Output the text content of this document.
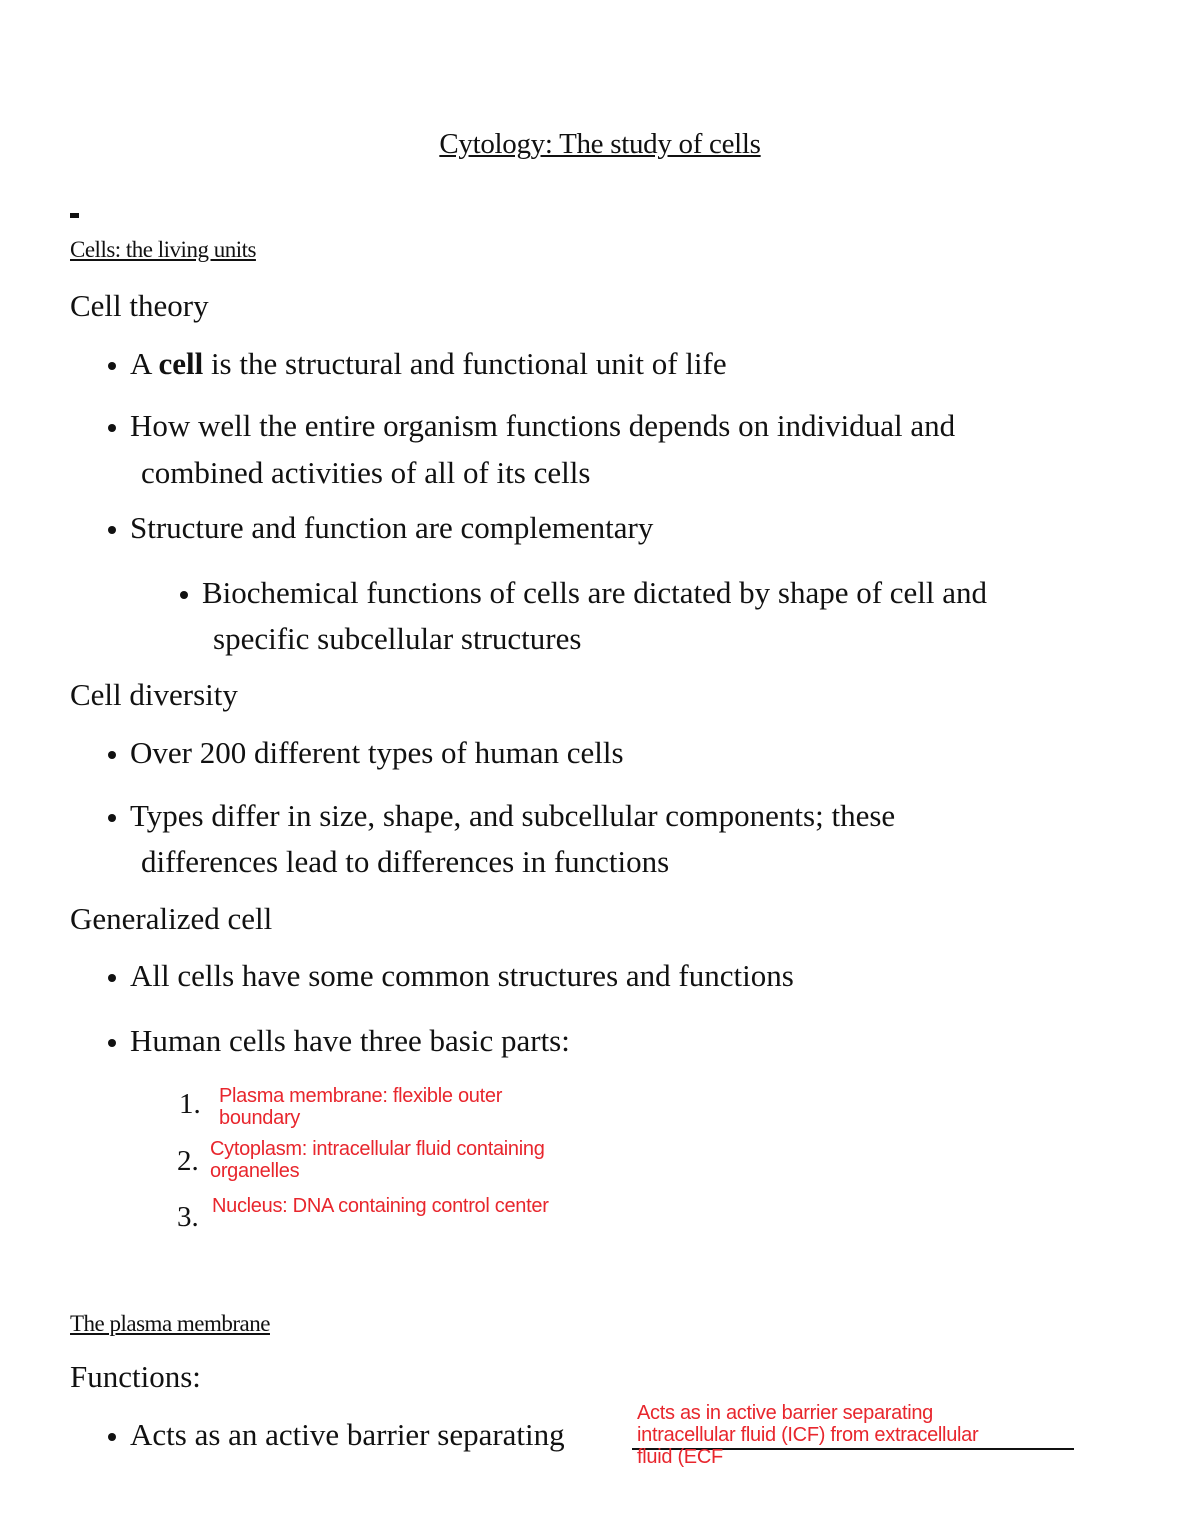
Cytology: The study of cells
Cells: the living units
Cell theory
A cell is the structural and functional unit of life
How well the entire organism functions depends on individual and
combined activities of all of its cells
Structure and function are complementary
Biochemical functions of cells are dictated by shape of cell and
specific subcellular structures
Cell diversity
Over 200 different types of human cells
Types differ in size, shape, and subcellular components; these
differences lead to differences in functions
Generalized cell
All cells have some common structures and functions
Human cells have three basic parts:
1. Plasma membrane: flexible outer boundary
2. Cytoplasm: intracellular fluid containing organelles
3. Nucleus: DNA containing control center
The plasma membrane
Functions:
Acts as an active barrier separating
Acts as in active barrier separating intracellular fluid (ICF) from extracellular fluid (ECF
